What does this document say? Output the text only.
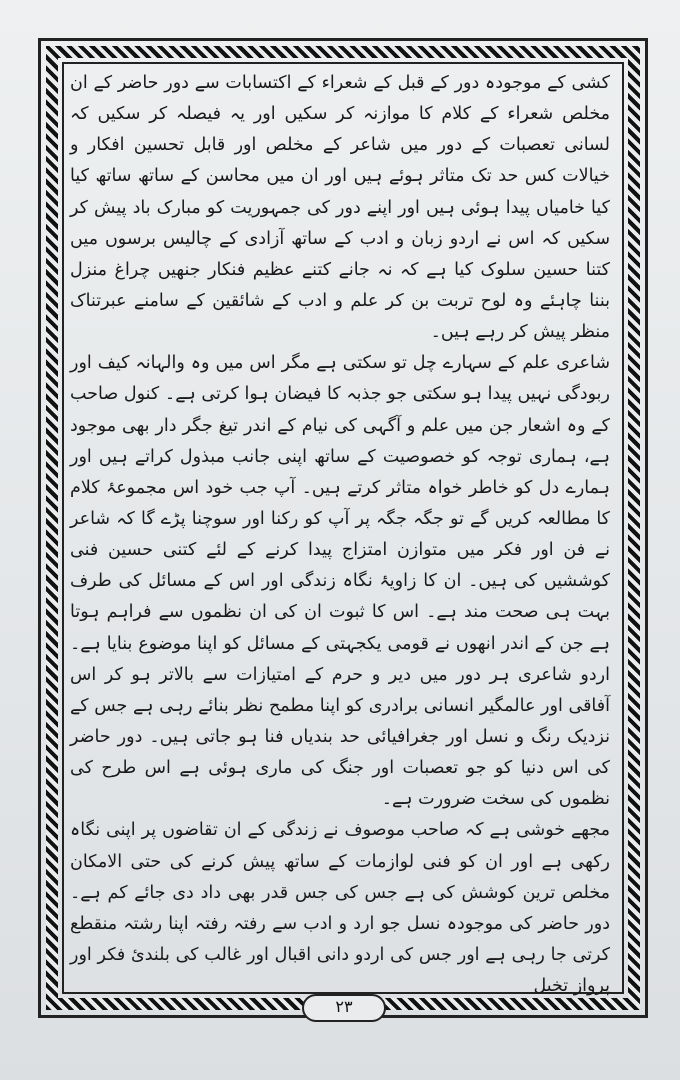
کشی کے موجودہ دور کے قبل کے شعراء کے اکتسابات سے دور حاضر کے ان مخلص شعراء کے کلام کا موازنہ کر سکیں اور یہ فیصلہ کر سکیں کہ لسانی تعصبات کے دور میں شاعر کے مخلص اور قابل تحسین افکار و خیالات کس حد تک متاثر ہوئے ہیں اور ان میں محاسن کے ساتھ ساتھ کیا کیا خامیاں پیدا ہوئی ہیں اور اپنے دور کی جمہوریت کو مبارک باد پیش کر سکیں کہ اس نے اردو زبان و ادب کے ساتھ آزادی کے چالیس برسوں میں کتنا حسین سلوک کیا ہے کہ نہ جانے کتنے عظیم فنکار جنھیں چراغ منزل بننا چاہئے وہ لوح تربت بن کر علم و ادب کے شائقین کے سامنے عبرتناک منظر پیش کر رہے ہیں۔

شاعری علم کے سہارے چل تو سکتی ہے مگر اس میں وہ والہانہ کیف اور ربودگی نہیں پیدا ہو سکتی جو جذبہ کا فیضان ہوا کرتی ہے۔ کنول صاحب کے وہ اشعار جن میں علم و آگہی کی نیام کے اندر تیغ جگر دار بھی موجود ہے، ہماری توجہ کو خصوصیت کے ساتھ اپنی جانب مبذول کراتے ہیں اور ہمارے دل کو خاطر خواہ متاثر کرتے ہیں۔ آپ جب خود اس مجموعۂ کلام کا مطالعہ کریں گے تو جگہ جگہ پر آپ کو رکنا اور سوچنا پڑے گا کہ شاعر نے فن اور فکر میں متوازن امتزاج پیدا کرنے کے لئے کتنی حسین فنی کوششیں کی ہیں۔ ان کا زاویۂ نگاہ زندگی اور اس کے مسائل کی طرف بہت ہی صحت مند ہے۔ اس کا ثبوت ان کی ان نظموں سے فراہم ہوتا ہے جن کے اندر انھوں نے قومی یکجہتی کے مسائل کو اپنا موضوع بنایا ہے۔ اردو شاعری ہر دور میں دیر و حرم کے امتیازات سے بالاتر ہو کر اس آفاقی اور عالمگیر انسانی برادری کو اپنا مطمح نظر بنائے رہی ہے جس کے نزدیک رنگ و نسل اور جغرافیائی حد بندیاں فنا ہو جاتی ہیں۔ دور حاضر کی اس دنیا کو جو تعصبات اور جنگ کی ماری ہوئی ہے اس طرح کی نظموں کی سخت ضرورت ہے۔

مجھے خوشی ہے کہ صاحب موصوف نے زندگی کے ان تقاضوں پر اپنی نگاہ رکھی ہے اور ان کو فنی لوازمات کے ساتھ پیش کرنے کی حتی الامکان مخلص ترین کوشش کی ہے جس کی جس قدر بھی داد دی جائے کم ہے۔ دور حاضر کی موجودہ نسل جو ارد و ادب سے رفتہ رفتہ اپنا رشتہ منقطع کرتی جا رہی ہے اور جس کی اردو دانی اقبال اور غالب کی بلندیٔ فکر اور پرواز تخیل

۲۳
